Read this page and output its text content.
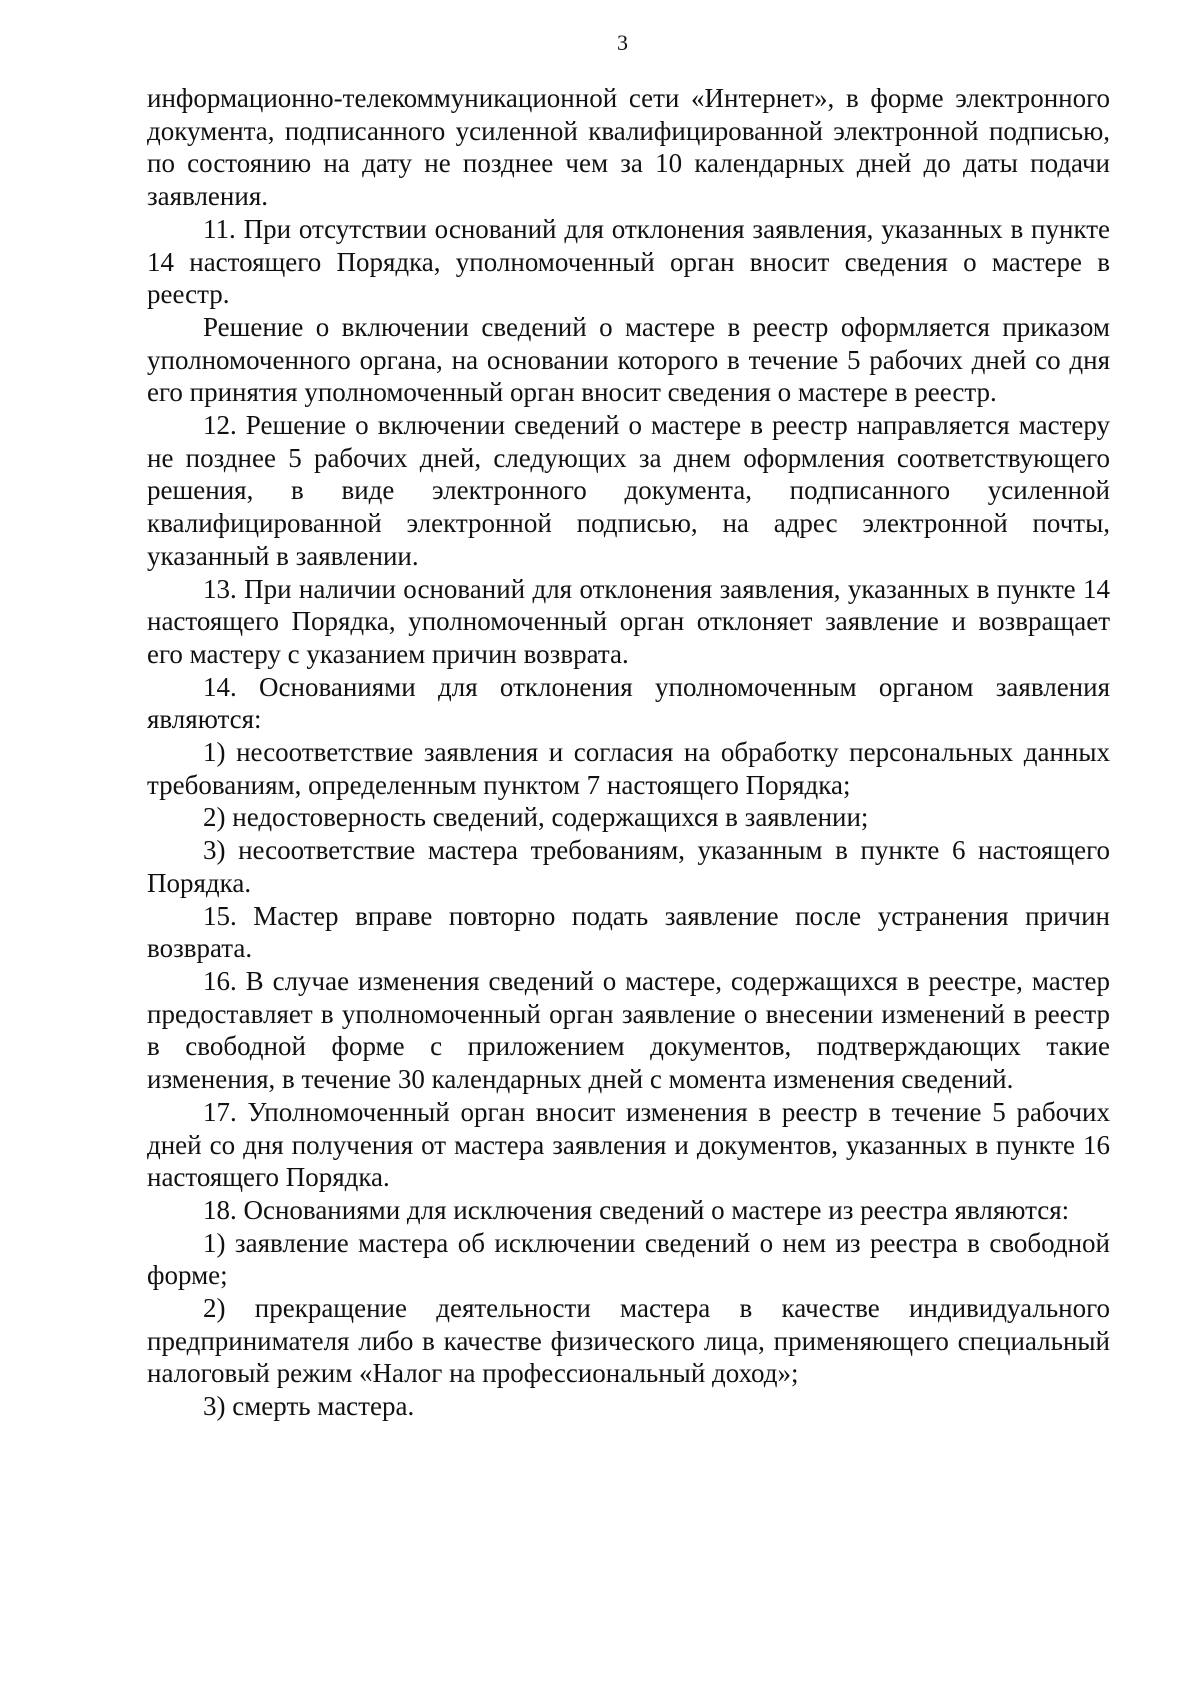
3

информационно-телекоммуникационной сети «Интернет», в форме электронного документа, подписанного усиленной квалифицированной электронной подписью, по состоянию на дату не позднее чем за 10 календарных дней до даты подачи заявления.

11. При отсутствии оснований для отклонения заявления, указанных в пункте 14 настоящего Порядка, уполномоченный орган вносит сведения о мастере в реестр.

Решение о включении сведений о мастере в реестр оформляется приказом уполномоченного органа, на основании которого в течение 5 рабочих дней со дня его принятия уполномоченный орган вносит сведения о мастере в реестр.

12. Решение о включении сведений о мастере в реестр направляется мастеру не позднее 5 рабочих дней, следующих за днем оформления соответствующего решения, в виде электронного документа, подписанного усиленной квалифицированной электронной подписью, на адрес электронной почты, указанный в заявлении.

13. При наличии оснований для отклонения заявления, указанных в пункте 14 настоящего Порядка, уполномоченный орган отклоняет заявление и возвращает его мастеру с указанием причин возврата.

14. Основаниями для отклонения уполномоченным органом заявления являются:

1) несоответствие заявления и согласия на обработку персональных данных требованиям, определенным пунктом 7 настоящего Порядка;

2) недостоверность сведений, содержащихся в заявлении;

3) несоответствие мастера требованиям, указанным в пункте 6 настоящего Порядка.

15. Мастер вправе повторно подать заявление после устранения причин возврата.

16. В случае изменения сведений о мастере, содержащихся в реестре, мастер предоставляет в уполномоченный орган заявление о внесении изменений в реестр в свободной форме с приложением документов, подтверждающих такие изменения, в течение 30 календарных дней с момента изменения сведений.

17. Уполномоченный орган вносит изменения в реестр в течение 5 рабочих дней со дня получения от мастера заявления и документов, указанных в пункте 16 настоящего Порядка.

18. Основаниями для исключения сведений о мастере из реестра являются:

1) заявление мастера об исключении сведений о нем из реестра в свободной форме;

2) прекращение деятельности мастера в качестве индивидуального предпринимателя либо в качестве физического лица, применяющего специальный налоговый режим «Налог на профессиональный доход»;

3) смерть мастера.
